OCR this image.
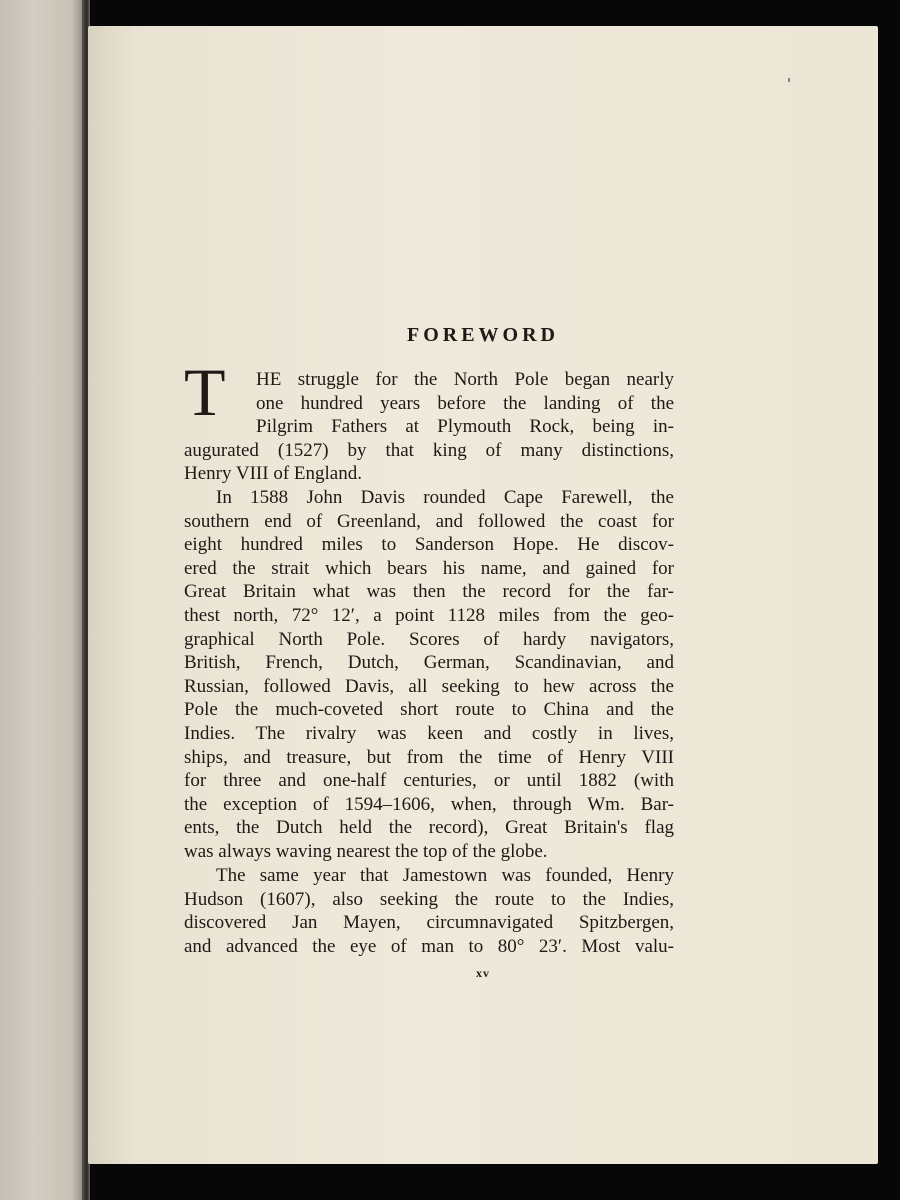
FOREWORD
T HE struggle for the North Pole began nearly
one hundred years before the landing of the
Pilgrim Fathers at Plymouth Rock, being in-
augurated (1527) by that king of many distinctions,
Henry VIII of England.
In 1588 John Davis rounded Cape Farewell, the
southern end of Greenland, and followed the coast for
eight hundred miles to Sanderson Hope. He discov-
ered the strait which bears his name, and gained for
Great Britain what was then the record for the far-
thest north, 72° 12′, a point 1128 miles from the geo-
graphical North Pole. Scores of hardy navigators,
British, French, Dutch, German, Scandinavian, and
Russian, followed Davis, all seeking to hew across the
Pole the much-coveted short route to China and the
Indies. The rivalry was keen and costly in lives,
ships, and treasure, but from the time of Henry VIII
for three and one-half centuries, or until 1882 (with
the exception of 1594–1606, when, through Wm. Bar-
ents, the Dutch held the record), Great Britain's flag
was always waving nearest the top of the globe.
The same year that Jamestown was founded, Henry
Hudson (1607), also seeking the route to the Indies,
discovered Jan Mayen, circumnavigated Spitzbergen,
and advanced the eye of man to 80° 23′. Most valu-
xv
